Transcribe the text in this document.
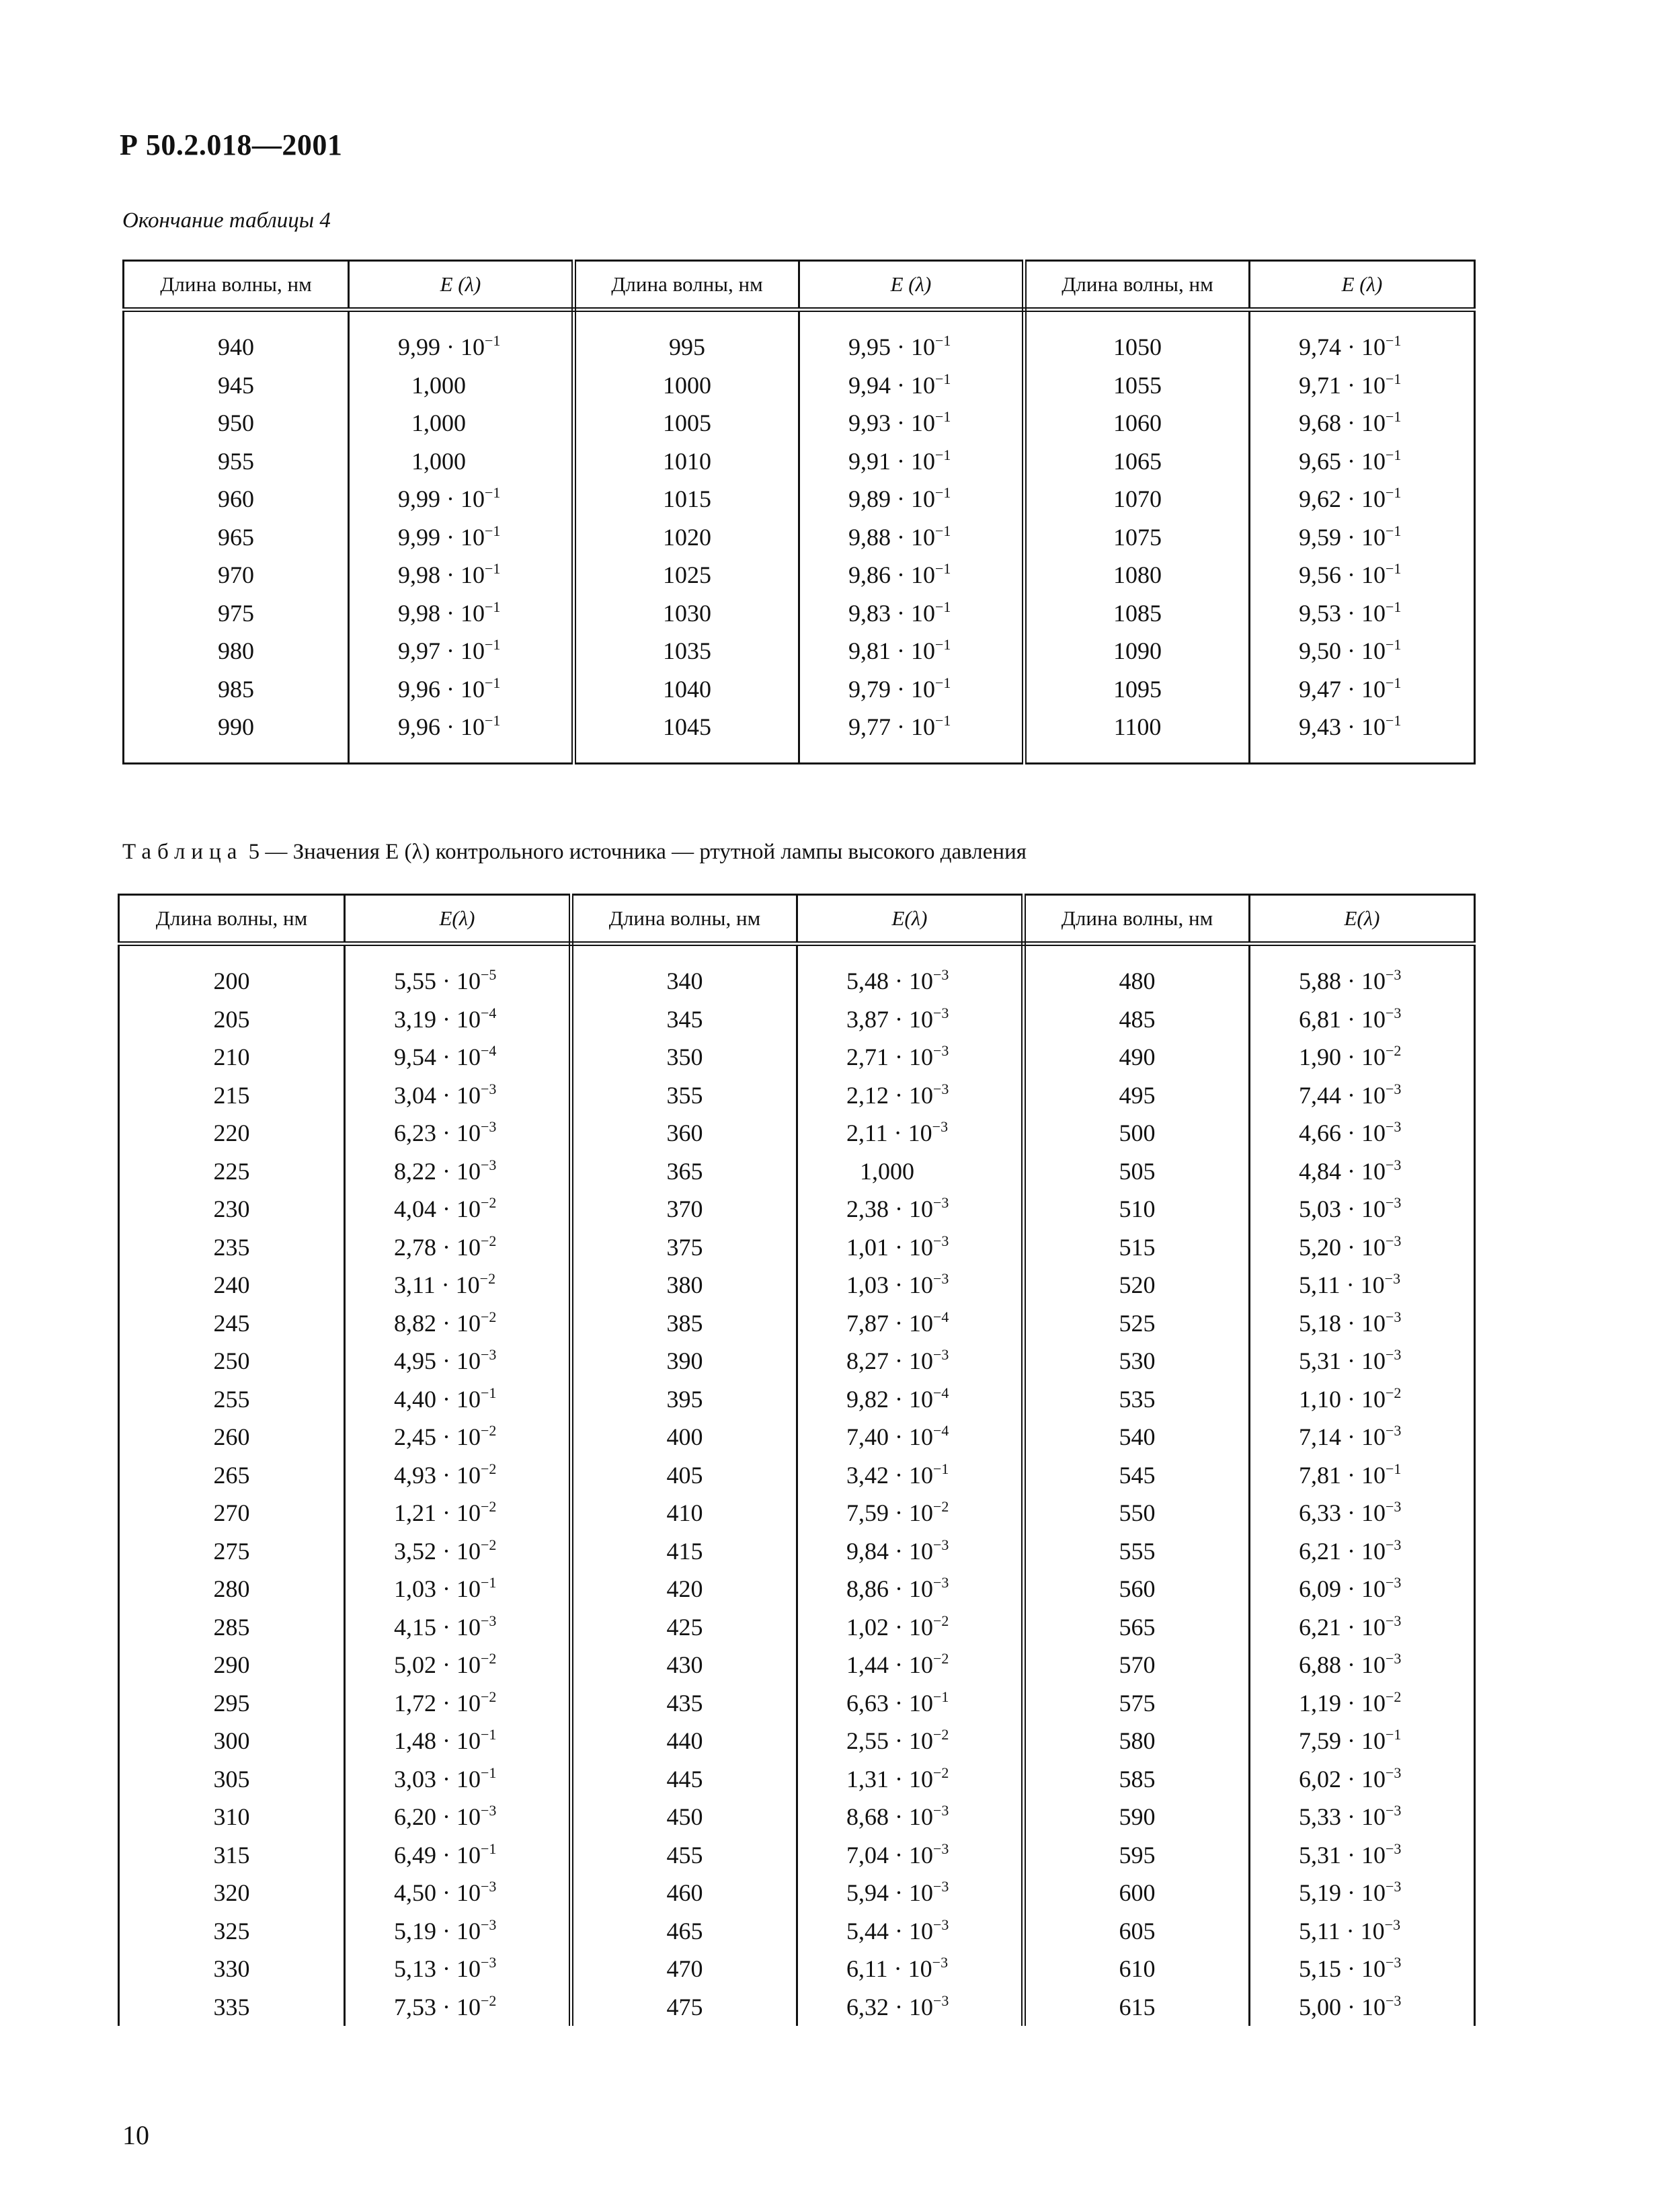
Р 50.2.018—2001
Окончание таблицы 4
Длина волны, нм	E (λ)	Длина волны, нм	E (λ)	Длина волны, нм	E (λ)

940	$9,99 \cdot 10^{-1}$	995	$9,95 \cdot 10^{-1}$	1050	$9,74 \cdot 10^{-1}$
945	1,000	1000	$9,94 \cdot 10^{-1}$	1055	$9,71 \cdot 10^{-1}$
950	1,000	1005	$9,93 \cdot 10^{-1}$	1060	$9,68 \cdot 10^{-1}$
955	1,000	1010	$9,91 \cdot 10^{-1}$	1065	$9,65 \cdot 10^{-1}$
960	$9,99 \cdot 10^{-1}$	1015	$9,89 \cdot 10^{-1}$	1070	$9,62 \cdot 10^{-1}$
965	$9,99 \cdot 10^{-1}$	1020	$9,88 \cdot 10^{-1}$	1075	$9,59 \cdot 10^{-1}$
970	$9,98 \cdot 10^{-1}$	1025	$9,86 \cdot 10^{-1}$	1080	$9,56 \cdot 10^{-1}$
975	$9,98 \cdot 10^{-1}$	1030	$9,83 \cdot 10^{-1}$	1085	$9,53 \cdot 10^{-1}$
980	$9,97 \cdot 10^{-1}$	1035	$9,81 \cdot 10^{-1}$	1090	$9,50 \cdot 10^{-1}$
985	$9,96 \cdot 10^{-1}$	1040	$9,79 \cdot 10^{-1}$	1095	$9,47 \cdot 10^{-1}$
990	$9,96 \cdot 10^{-1}$	1045	$9,77 \cdot 10^{-1}$	1100	$9,43 \cdot 10^{-1}$

Таблица 5 — Значения E (λ) контрольного источника — ртутной лампы высокого давления
Длина волны, нм	E(λ)	Длина волны, нм	E(λ)	Длина волны, нм	E(λ)

200	$5,55 \cdot 10^{-5}$	340	$5,48 \cdot 10^{-3}$	480	$5,88 \cdot 10^{-3}$
205	$3,19 \cdot 10^{-4}$	345	$3,87 \cdot 10^{-3}$	485	$6,81 \cdot 10^{-3}$
210	$9,54 \cdot 10^{-4}$	350	$2,71 \cdot 10^{-3}$	490	$1,90 \cdot 10^{-2}$
215	$3,04 \cdot 10^{-3}$	355	$2,12 \cdot 10^{-3}$	495	$7,44 \cdot 10^{-3}$
220	$6,23 \cdot 10^{-3}$	360	$2,11 \cdot 10^{-3}$	500	$4,66 \cdot 10^{-3}$
225	$8,22 \cdot 10^{-3}$	365	1,000	505	$4,84 \cdot 10^{-3}$
230	$4,04 \cdot 10^{-2}$	370	$2,38 \cdot 10^{-3}$	510	$5,03 \cdot 10^{-3}$
235	$2,78 \cdot 10^{-2}$	375	$1,01 \cdot 10^{-3}$	515	$5,20 \cdot 10^{-3}$
240	$3,11 \cdot 10^{-2}$	380	$1,03 \cdot 10^{-3}$	520	$5,11 \cdot 10^{-3}$
245	$8,82 \cdot 10^{-2}$	385	$7,87 \cdot 10^{-4}$	525	$5,18 \cdot 10^{-3}$
250	$4,95 \cdot 10^{-3}$	390	$8,27 \cdot 10^{-3}$	530	$5,31 \cdot 10^{-3}$
255	$4,40 \cdot 10^{-1}$	395	$9,82 \cdot 10^{-4}$	535	$1,10 \cdot 10^{-2}$
260	$2,45 \cdot 10^{-2}$	400	$7,40 \cdot 10^{-4}$	540	$7,14 \cdot 10^{-3}$
265	$4,93 \cdot 10^{-2}$	405	$3,42 \cdot 10^{-1}$	545	$7,81 \cdot 10^{-1}$
270	$1,21 \cdot 10^{-2}$	410	$7,59 \cdot 10^{-2}$	550	$6,33 \cdot 10^{-3}$
275	$3,52 \cdot 10^{-2}$	415	$9,84 \cdot 10^{-3}$	555	$6,21 \cdot 10^{-3}$
280	$1,03 \cdot 10^{-1}$	420	$8,86 \cdot 10^{-3}$	560	$6,09 \cdot 10^{-3}$
285	$4,15 \cdot 10^{-3}$	425	$1,02 \cdot 10^{-2}$	565	$6,21 \cdot 10^{-3}$
290	$5,02 \cdot 10^{-2}$	430	$1,44 \cdot 10^{-2}$	570	$6,88 \cdot 10^{-3}$
295	$1,72 \cdot 10^{-2}$	435	$6,63 \cdot 10^{-1}$	575	$1,19 \cdot 10^{-2}$
300	$1,48 \cdot 10^{-1}$	440	$2,55 \cdot 10^{-2}$	580	$7,59 \cdot 10^{-1}$
305	$3,03 \cdot 10^{-1}$	445	$1,31 \cdot 10^{-2}$	585	$6,02 \cdot 10^{-3}$
310	$6,20 \cdot 10^{-3}$	450	$8,68 \cdot 10^{-3}$	590	$5,33 \cdot 10^{-3}$
315	$6,49 \cdot 10^{-1}$	455	$7,04 \cdot 10^{-3}$	595	$5,31 \cdot 10^{-3}$
320	$4,50 \cdot 10^{-3}$	460	$5,94 \cdot 10^{-3}$	600	$5,19 \cdot 10^{-3}$
325	$5,19 \cdot 10^{-3}$	465	$5,44 \cdot 10^{-3}$	605	$5,11 \cdot 10^{-3}$
330	$5,13 \cdot 10^{-3}$	470	$6,11 \cdot 10^{-3}$	610	$5,15 \cdot 10^{-3}$
335	$7,53 \cdot 10^{-2}$	475	$6,32 \cdot 10^{-3}$	615	$5,00 \cdot 10^{-3}$
10
